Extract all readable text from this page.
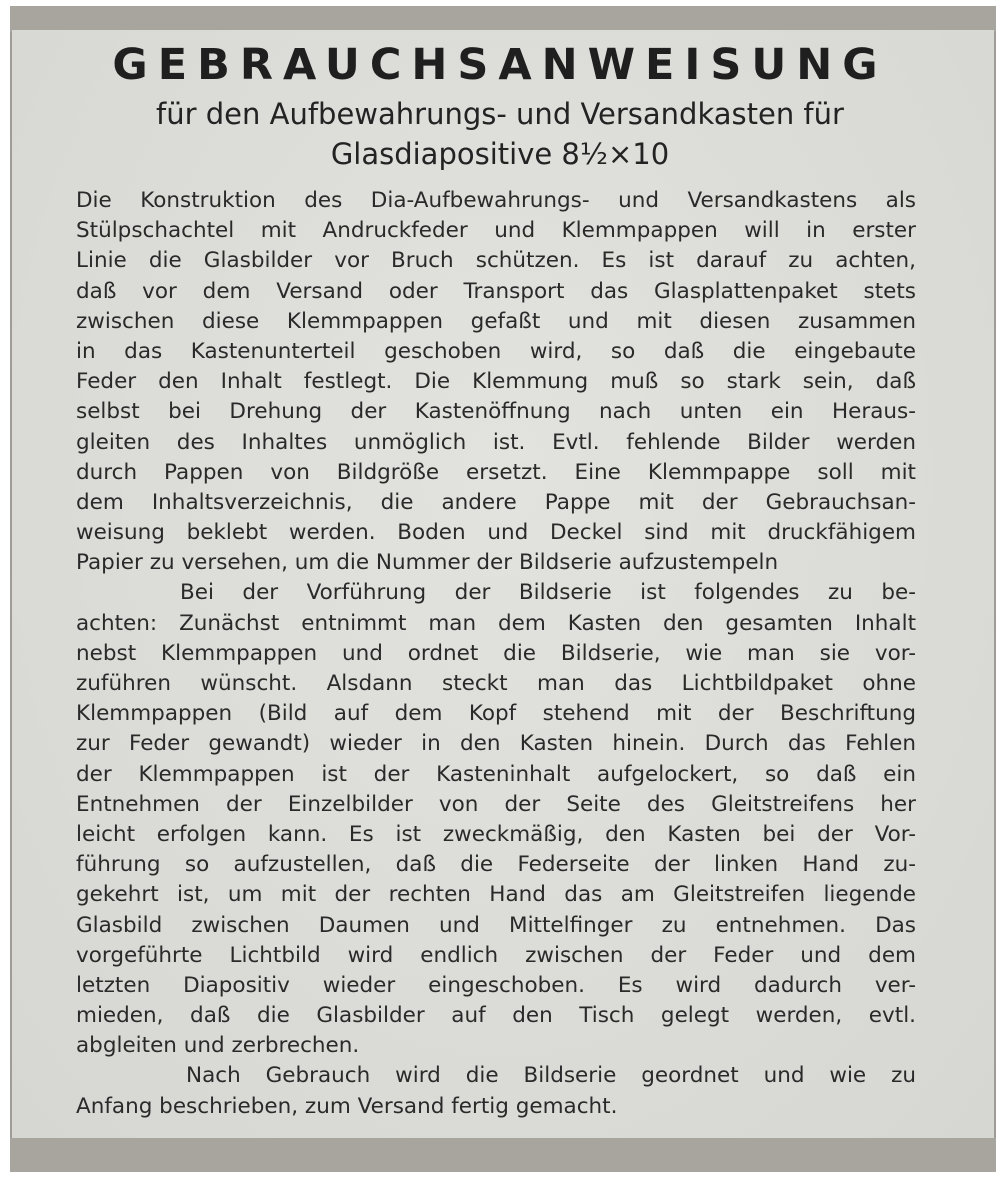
GEBRAUCHSANWEISUNG
für den Aufbewahrungs- und Versandkasten für
Glasdiapositive 8½×10
Die Konstruktion des Dia-Aufbewahrungs- und Versandkastens als
Stülpschachtel mit Andruckfeder und Klemmpappen will in erster
Linie die Glasbilder vor Bruch schützen. Es ist darauf zu achten,
daß vor dem Versand oder Transport das Glasplattenpaket stets
zwischen diese Klemmpappen gefaßt und mit diesen zusammen
in das Kastenunterteil geschoben wird, so daß die eingebaute
Feder den Inhalt festlegt. Die Klemmung muß so stark sein, daß
selbst bei Drehung der Kastenöffnung nach unten ein Heraus-
gleiten des Inhaltes unmöglich ist. Evtl. fehlende Bilder werden
durch Pappen von Bildgröße ersetzt. Eine Klemmpappe soll mit
dem Inhaltsverzeichnis, die andere Pappe mit der Gebrauchsan-
weisung beklebt werden. Boden und Deckel sind mit druckfähigem
Papier zu versehen, um die Nummer der Bildserie aufzustempeln
Bei der Vorführung der Bildserie ist folgendes zu be-
achten: Zunächst entnimmt man dem Kasten den gesamten Inhalt
nebst Klemmpappen und ordnet die Bildserie, wie man sie vor-
zuführen wünscht. Alsdann steckt man das Lichtbildpaket ohne
Klemmpappen (Bild auf dem Kopf stehend mit der Beschriftung
zur Feder gewandt) wieder in den Kasten hinein. Durch das Fehlen
der Klemmpappen ist der Kasteninhalt aufgelockert, so daß ein
Entnehmen der Einzelbilder von der Seite des Gleitstreifens her
leicht erfolgen kann. Es ist zweckmäßig, den Kasten bei der Vor-
führung so aufzustellen, daß die Federseite der linken Hand zu-
gekehrt ist, um mit der rechten Hand das am Gleitstreifen liegende
Glasbild zwischen Daumen und Mittelfinger zu entnehmen. Das
vorgeführte Lichtbild wird endlich zwischen der Feder und dem
letzten Diapositiv wieder eingeschoben. Es wird dadurch ver-
mieden, daß die Glasbilder auf den Tisch gelegt werden, evtl.
abgleiten und zerbrechen.
Nach Gebrauch wird die Bildserie geordnet und wie zu
Anfang beschrieben, zum Versand fertig gemacht.
